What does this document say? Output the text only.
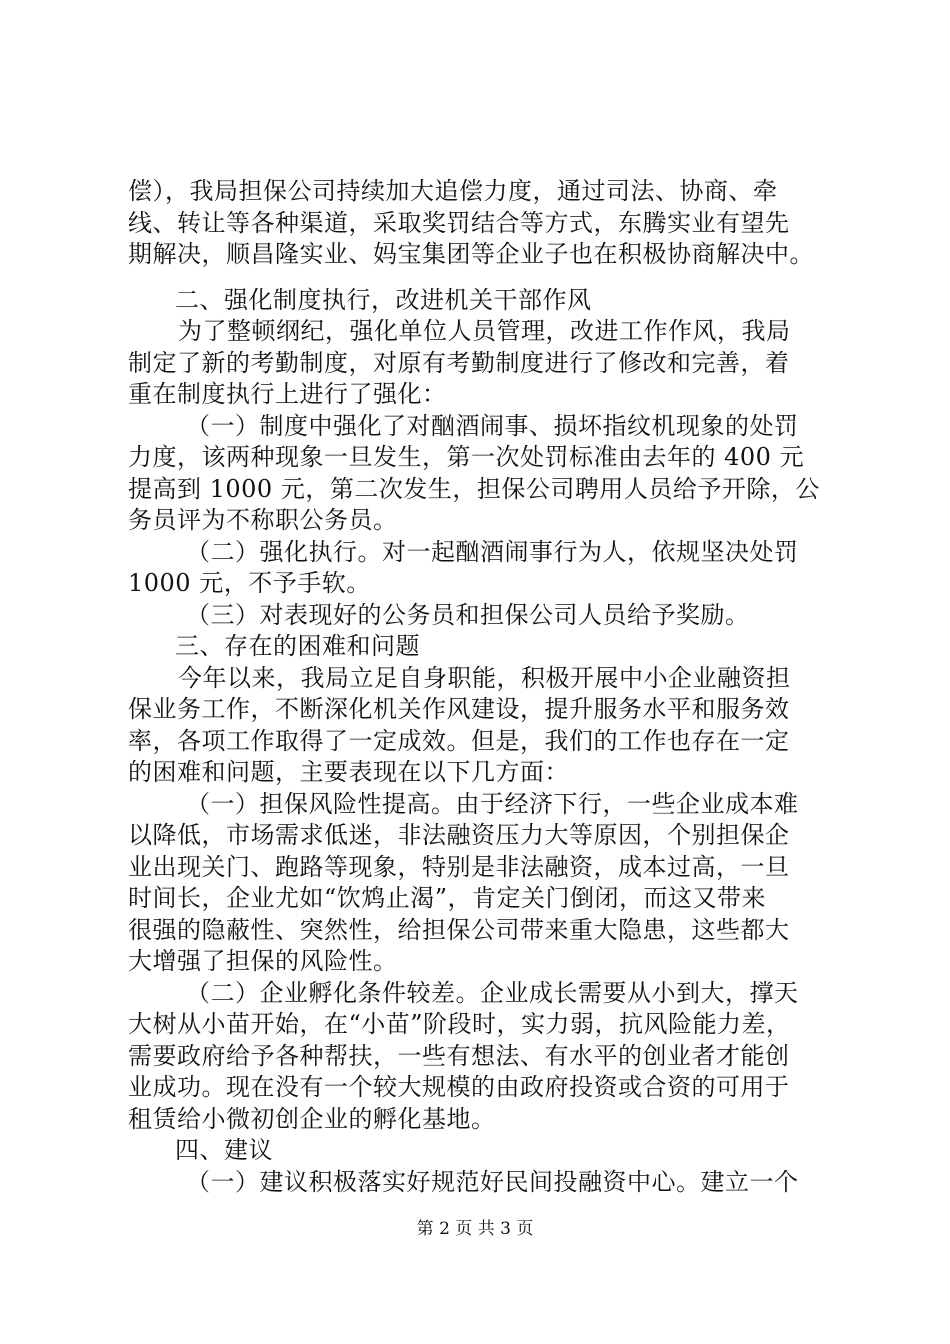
偿），我局担保公司持续加大追偿力度，通过司法、协商、牵
线、转让等各种渠道，采取奖罚结合等方式，东腾实业有望先
期解决，顺昌隆实业、妈宝集团等企业子也在积极协商解决中。
二、强化制度执行，改进机关干部作风
为了整顿纲纪，强化单位人员管理，改进工作作风，我局
制定了新的考勤制度，对原有考勤制度进行了修改和完善，着
重在制度执行上进行了强化：
（一）制度中强化了对酗酒闹事、损坏指纹机现象的处罚
力度，该两种现象一旦发生，第一次处罚标准由去年的 400 元
提高到 1000 元，第二次发生，担保公司聘用人员给予开除，公
务员评为不称职公务员。
（二）强化执行。对一起酗酒闹事行为人，依规坚决处罚
1000 元，不予手软。
（三）对表现好的公务员和担保公司人员给予奖励。
三、存在的困难和问题
今年以来，我局立足自身职能，积极开展中小企业融资担
保业务工作，不断深化机关作风建设，提升服务水平和服务效
率，各项工作取得了一定成效。但是，我们的工作也存在一定
的困难和问题，主要表现在以下几方面：
（一）担保风险性提高。由于经济下行，一些企业成本难
以降低，市场需求低迷，非法融资压力大等原因，个别担保企
业出现关门、跑路等现象，特别是非法融资，成本过高，一旦
时间长，企业尤如“饮鸩止渴”，肯定关门倒闭，而这又带来
很强的隐蔽性、突然性，给担保公司带来重大隐患，这些都大
大增强了担保的风险性。
（二）企业孵化条件较差。企业成长需要从小到大，撑天
大树从小苗开始，在“小苗”阶段时，实力弱，抗风险能力差，
需要政府给予各种帮扶，一些有想法、有水平的创业者才能创
业成功。现在没有一个较大规模的由政府投资或合资的可用于
租赁给小微初创企业的孵化基地。
四、建议
（一）建议积极落实好规范好民间投融资中心。建立一个
第 2 页 共 3 页
